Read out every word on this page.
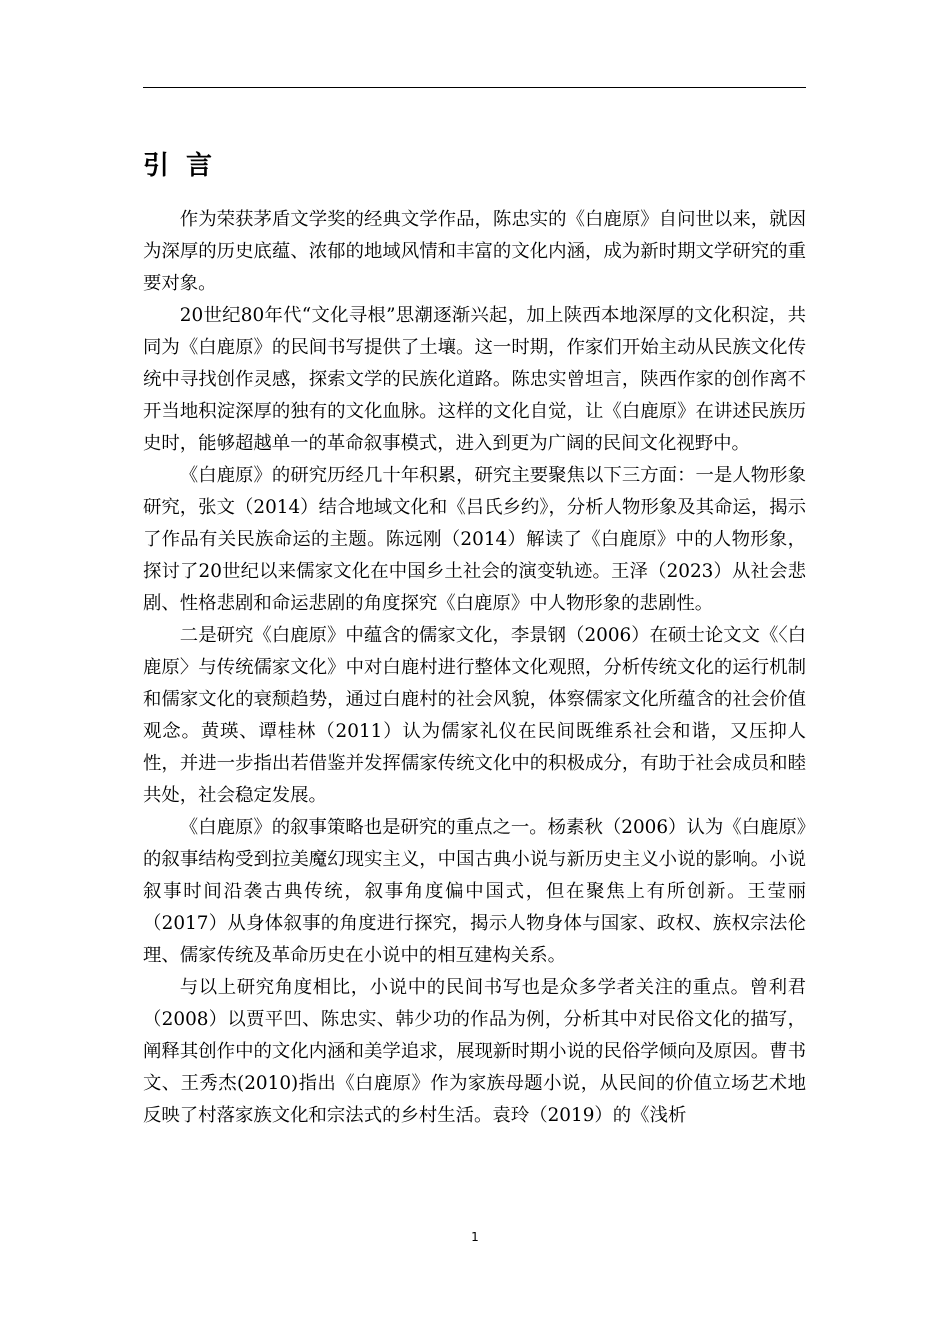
引言

作为荣获茅盾文学奖的经典文学作品，陈忠实的《白鹿原》自问世以来，就因为深厚的历史底蕴、浓郁的地域风情和丰富的文化内涵，成为新时期文学研究的重要对象。

20世纪80年代“文化寻根”思潮逐渐兴起，加上陕西本地深厚的文化积淀，共同为《白鹿原》的民间书写提供了土壤。这一时期，作家们开始主动从民族文化传统中寻找创作灵感，探索文学的民族化道路。陈忠实曾坦言，陕西作家的创作离不开当地积淀深厚的独有的文化血脉。这样的文化自觉，让《白鹿原》在讲述民族历史时，能够超越单一的革命叙事模式，进入到更为广阔的民间文化视野中。

《白鹿原》的研究历经几十年积累，研究主要聚焦以下三方面：一是人物形象研究，张文（2014）结合地域文化和《吕氏乡约》，分析人物形象及其命运，揭示了作品有关民族命运的主题。陈远刚（2014）解读了《白鹿原》中的人物形象，探讨了20世纪以来儒家文化在中国乡土社会的演变轨迹。王泽（2023）从社会悲剧、性格悲剧和命运悲剧的角度探究《白鹿原》中人物形象的悲剧性。

二是研究《白鹿原》中蕴含的儒家文化，李景钢（2006）在硕士论文文《〈白鹿原〉与传统儒家文化》中对白鹿村进行整体文化观照，分析传统文化的运行机制和儒家文化的衰颓趋势，通过白鹿村的社会风貌，体察儒家文化所蕴含的社会价值观念。黄瑛、谭桂林（2011）认为儒家礼仪在民间既维系社会和谐，又压抑人性，并进一步指出若借鉴并发挥儒家传统文化中的积极成分，有助于社会成员和睦共处，社会稳定发展。

《白鹿原》的叙事策略也是研究的重点之一。杨素秋（2006）认为《白鹿原》的叙事结构受到拉美魔幻现实主义，中国古典小说与新历史主义小说的影响。小说叙事时间沿袭古典传统，叙事角度偏中国式，但在聚焦上有所创新。王莹丽（2017）从身体叙事的角度进行探究，揭示人物身体与国家、政权、族权宗法伦理、儒家传统及革命历史在小说中的相互建构关系。

与以上研究角度相比，小说中的民间书写也是众多学者关注的重点。曾利君（2008）以贾平凹、陈忠实、韩少功的作品为例，分析其中对民俗文化的描写，阐释其创作中的文化内涵和美学追求，展现新时期小说的民俗学倾向及原因。曹书文、王秀杰(2010)指出《白鹿原》作为家族母题小说，从民间的价值立场艺术地反映了村落家族文化和宗法式的乡村生活。袁玲（2019）的《浅析

1
